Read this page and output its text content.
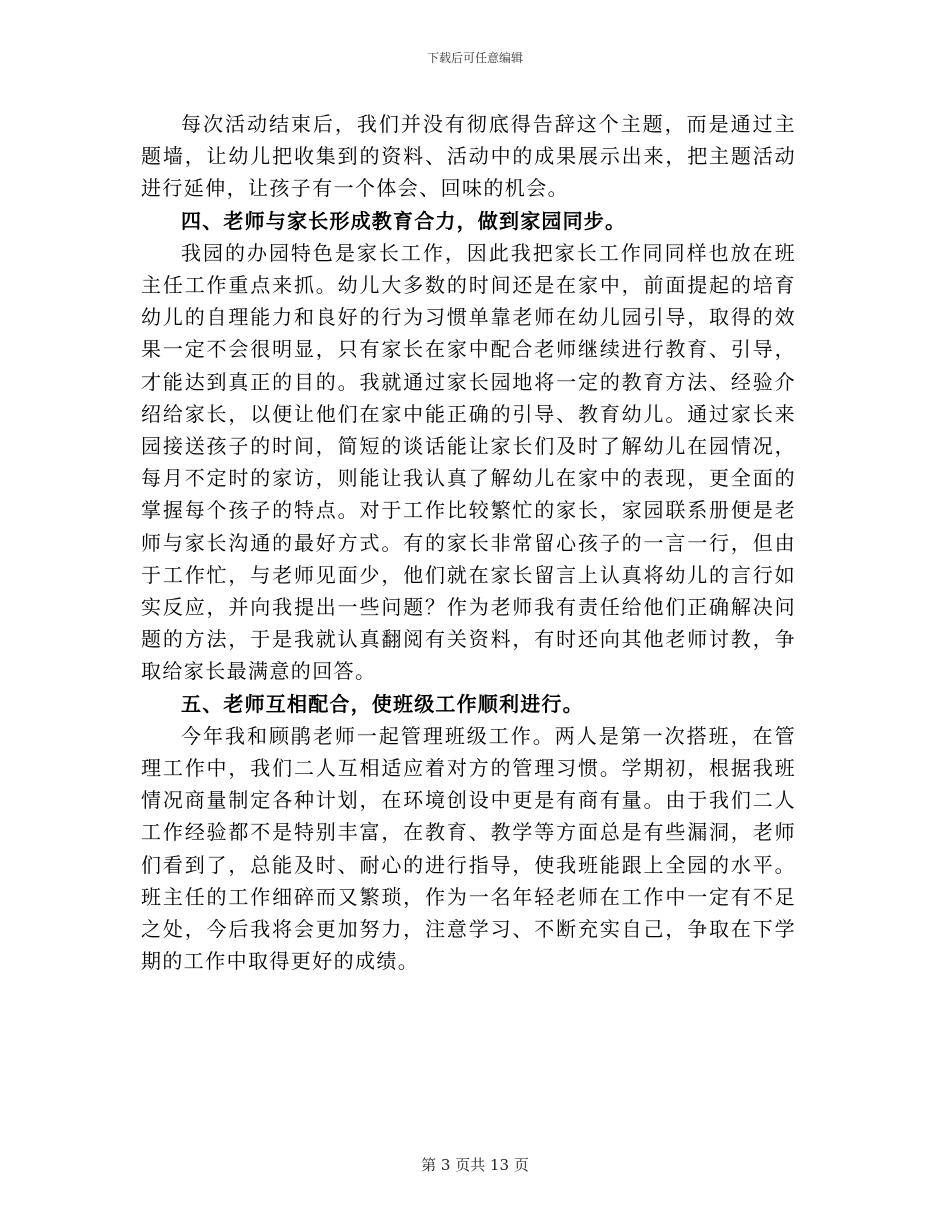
下载后可任意编辑

每次活动结束后，我们并没有彻底得告辞这个主题，而是通过主题墙，让幼儿把收集到的资料、活动中的成果展示出来，把主题活动进行延伸，让孩子有一个体会、回味的机会。

四、老师与家长形成教育合力，做到家园同步。

我园的办园特色是家长工作，因此我把家长工作同同样也放在班主任工作重点来抓。幼儿大多数的时间还是在家中，前面提起的培育幼儿的自理能力和良好的行为习惯单靠老师在幼儿园引导，取得的效果一定不会很明显，只有家长在家中配合老师继续进行教育、引导，才能达到真正的目的。我就通过家长园地将一定的教育方法、经验介绍给家长，以便让他们在家中能正确的引导、教育幼儿。通过家长来园接送孩子的时间，简短的谈话能让家长们及时了解幼儿在园情况，每月不定时的家访，则能让我认真了解幼儿在家中的表现，更全面的掌握每个孩子的特点。对于工作比较繁忙的家长，家园联系册便是老师与家长沟通的最好方式。有的家长非常留心孩子的一言一行，但由于工作忙，与老师见面少，他们就在家长留言上认真将幼儿的言行如实反应，并向我提出一些问题？作为老师我有责任给他们正确解决问题的方法，于是我就认真翻阅有关资料，有时还向其他老师讨教，争取给家长最满意的回答。

五、老师互相配合，使班级工作顺利进行。

今年我和顾鹃老师一起管理班级工作。两人是第一次搭班，在管理工作中，我们二人互相适应着对方的管理习惯。学期初，根据我班情况商量制定各种计划，在环境创设中更是有商有量。由于我们二人工作经验都不是特别丰富，在教育、教学等方面总是有些漏洞，老师们看到了，总能及时、耐心的进行指导，使我班能跟上全园的水平。班主任的工作细碎而又繁琐，作为一名年轻老师在工作中一定有不足之处，今后我将会更加努力，注意学习、不断充实自己，争取在下学期的工作中取得更好的成绩。

第 3 页共 13 页
